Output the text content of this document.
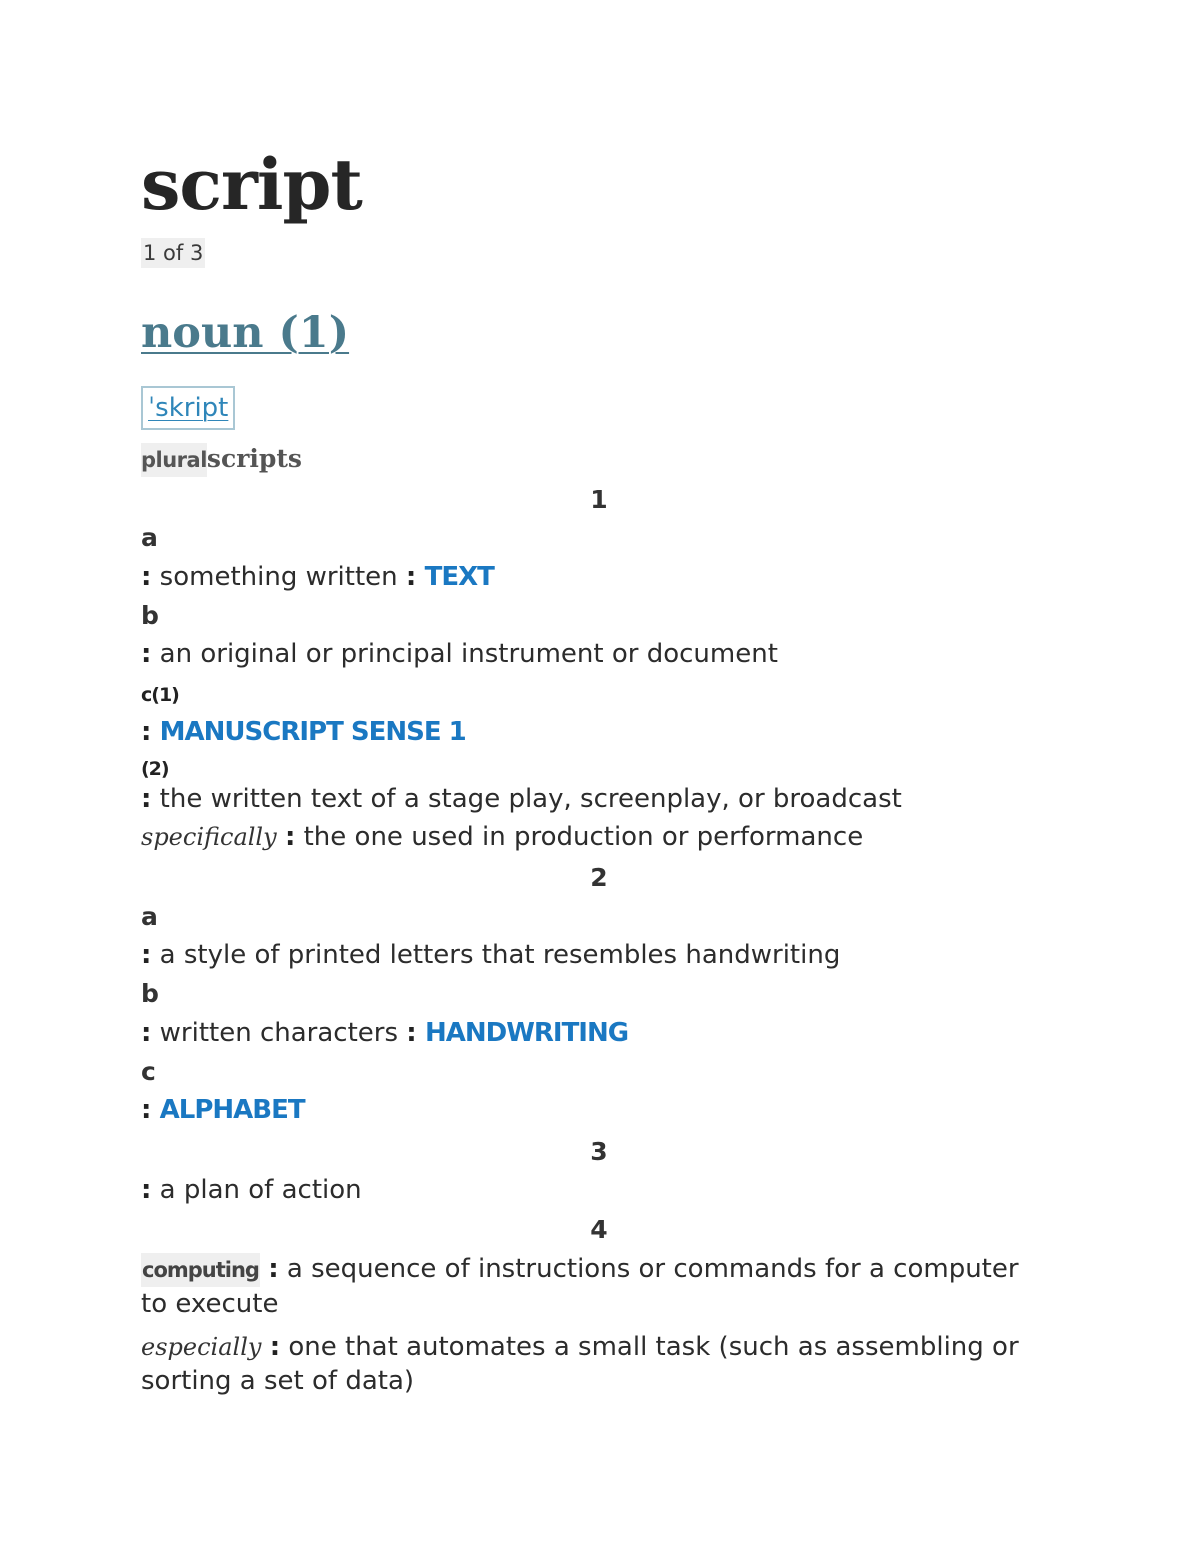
script
1 of 3
noun (1)
ˈskript
pluralscripts
1
a
: something written : TEXT
b
: an original or principal instrument or document
c(1)
: MANUSCRIPT SENSE 1
(2)
: the written text of a stage play, screenplay, or broadcast
specifically : the one used in production or performance
2
a
: a style of printed letters that resembles handwriting
b
: written characters : HANDWRITING
c
: ALPHABET
3
: a plan of action
4
computing : a sequence of instructions or commands for a computer to execute
especially : one that automates a small task (such as assembling or sorting a set of data)
